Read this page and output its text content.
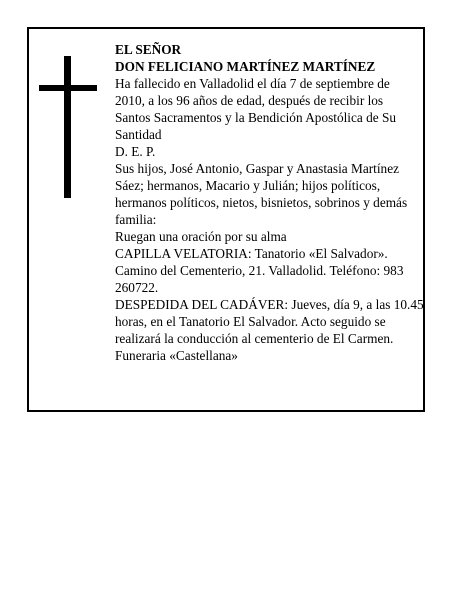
EL SEÑOR

DON FELICIANO MARTÍNEZ MARTÍNEZ

Ha fallecido en Valladolid el día 7 de septiembre de 2010, a los 96 años de edad, después de recibir los Santos Sacramentos y la Bendición Apostólica de Su Santidad

D. E. P.

Sus hijos, José Antonio, Gaspar y Anastasia Martínez Sáez; hermanos, Macario y Julián; hijos políticos, hermanos políticos, nietos, bisnietos, sobrinos y demás familia:

Ruegan una oración por su alma

CAPILLA VELATORIA: Tanatorio «El Salvador». Camino del Cementerio, 21. Valladolid. Teléfono: 983 260722.

DESPEDIDA DEL CADÁVER: Jueves, día 9, a las 10.45 horas, en el Tanatorio El Salvador. Acto seguido se realizará la conducción al cementerio de El Carmen.

Funeraria «Castellana»
